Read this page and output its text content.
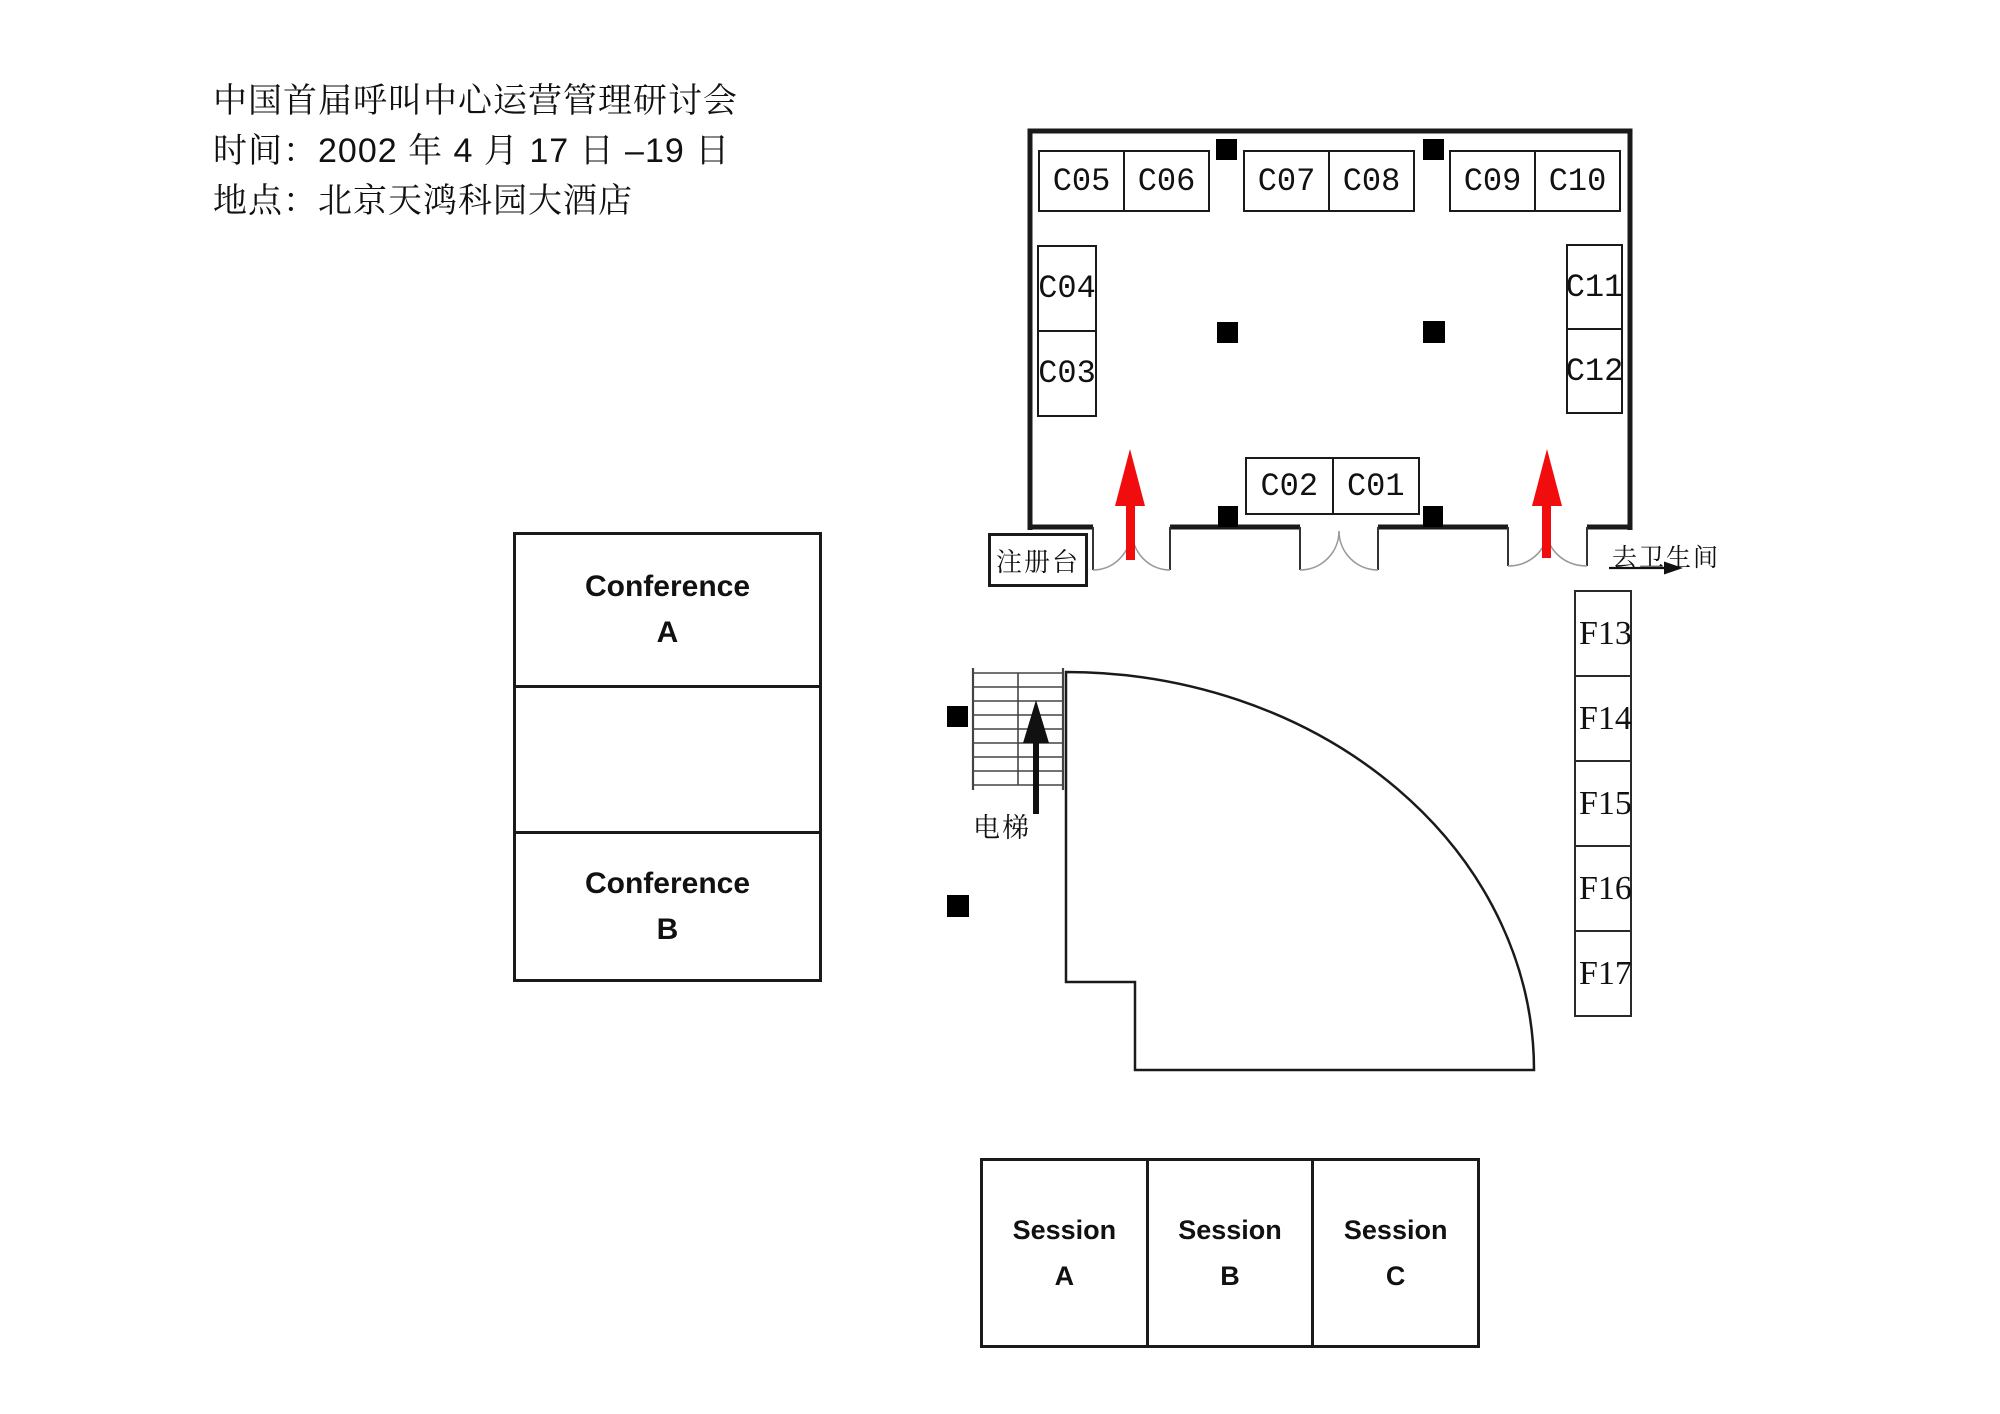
中国首届呼叫中心运营管理研讨会
时间：2002 年 4 月 17 日 –19 日
地点：北京天鸿科园大酒店
C05 C06	C07 C08	C09 C10
C04
C03
C11
C12
C02 C01
注册台	去卫生间
F13
F14
F15
F16
F17
电梯
Conference
A
Conference
B
Session
A
Session
B
Session
C
